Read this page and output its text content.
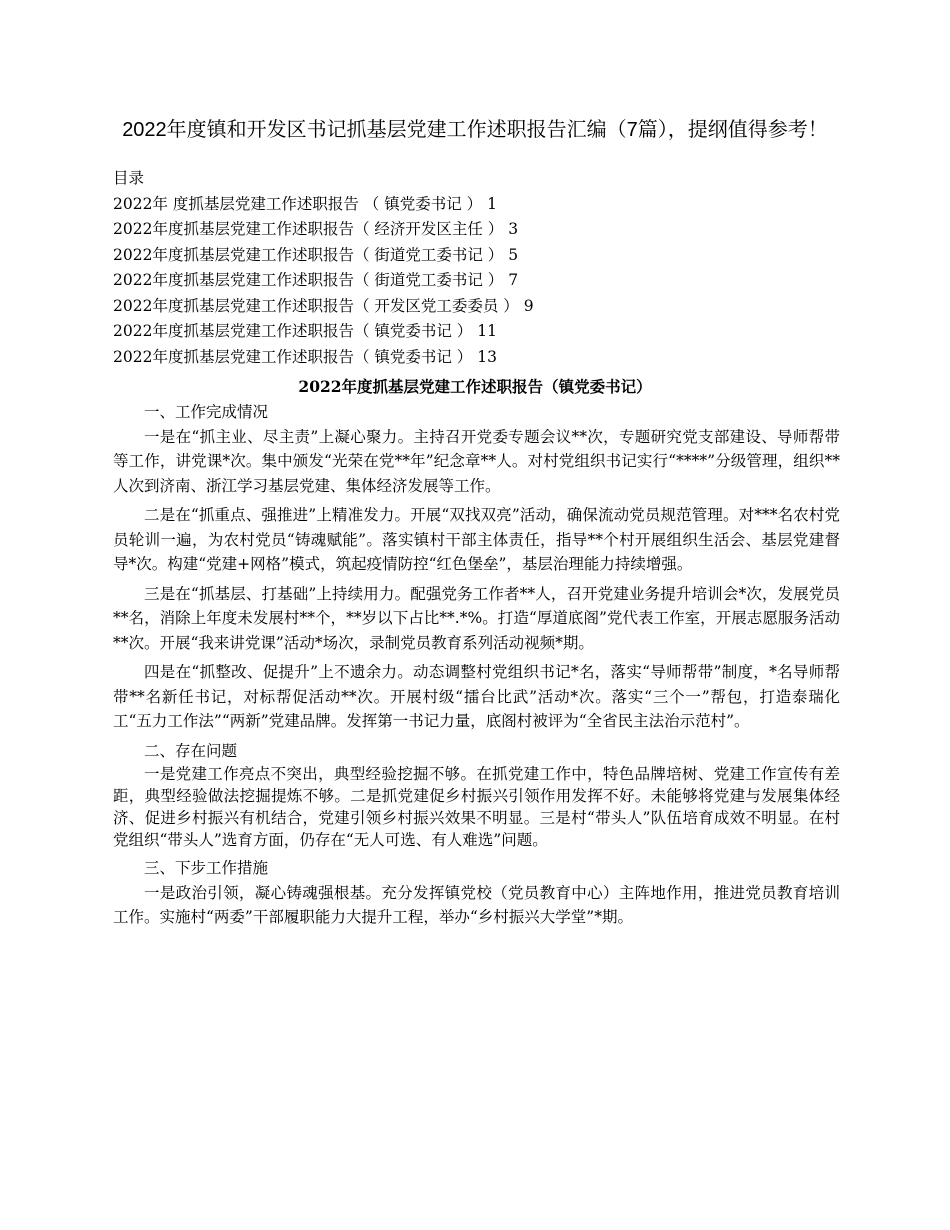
2022年度镇和开发区书记抓基层党建工作述职报告汇编（7篇），提纲值得参考！
目录
2022年 度抓基层党建工作述职报告 （ 镇党委书记 ） 1
2022年度抓基层党建工作述职报告（ 经济开发区主任 ） 3
2022年度抓基层党建工作述职报告（ 街道党工委书记 ） 5
2022年度抓基层党建工作述职报告（ 街道党工委书记 ） 7
2022年度抓基层党建工作述职报告（ 开发区党工委委员 ） 9
2022年度抓基层党建工作述职报告（ 镇党委书记 ） 11
2022年度抓基层党建工作述职报告（ 镇党委书记 ） 13
2022年度抓基层党建工作述职报告（镇党委书记）

一、工作完成情况

一是在“抓主业、尽主责”上凝心聚力。主持召开党委专题会议**次，专题研究党支部建设、导师帮带等工作，讲党课*次。集中颁发“光荣在党**年”纪念章**人。对村党组织书记实行“****”分级管理，组织**人次到济南、浙江学习基层党建、集体经济发展等工作。

二是在“抓重点、强推进”上精准发力。开展“双找双亮”活动，确保流动党员规范管理。对***名农村党员轮训一遍，为农村党员“铸魂赋能”。落实镇村干部主体责任，指导**个村开展组织生活会、基层党建督导*次。构建“党建+网格”模式，筑起疫情防控“红色堡垒”，基层治理能力持续增强。

三是在“抓基层、打基础”上持续用力。配强党务工作者**人，召开党建业务提升培训会*次，发展党员**名，消除上年度未发展村**个，**岁以下占比**.*%。打造“厚道底阁”党代表工作室，开展志愿服务活动**次。开展“我来讲党课”活动*场次，录制党员教育系列活动视频*期。

四是在“抓整改、促提升”上不遗余力。动态调整村党组织书记*名，落实“导师帮带”制度，*名导师帮带**名新任书记，对标帮促活动**次。开展村级“擂台比武”活动*次。落实“三个一”帮包，打造泰瑞化工“五力工作法”“两新”党建品牌。发挥第一书记力量，底阁村被评为“全省民主法治示范村”。

二、存在问题

一是党建工作亮点不突出，典型经验挖掘不够。在抓党建工作中，特色品牌培树、党建工作宣传有差距，典型经验做法挖掘提炼不够。二是抓党建促乡村振兴引领作用发挥不好。未能够将党建与发展集体经济、促进乡村振兴有机结合，党建引领乡村振兴效果不明显。三是村“带头人”队伍培育成效不明显。在村党组织“带头人”选育方面，仍存在“无人可选、有人难选”问题。

三、下步工作措施

一是政治引领，凝心铸魂强根基。充分发挥镇党校（党员教育中心）主阵地作用，推进党员教育培训工作。实施村“两委”干部履职能力大提升工程，举办“乡村振兴大学堂”*期。
